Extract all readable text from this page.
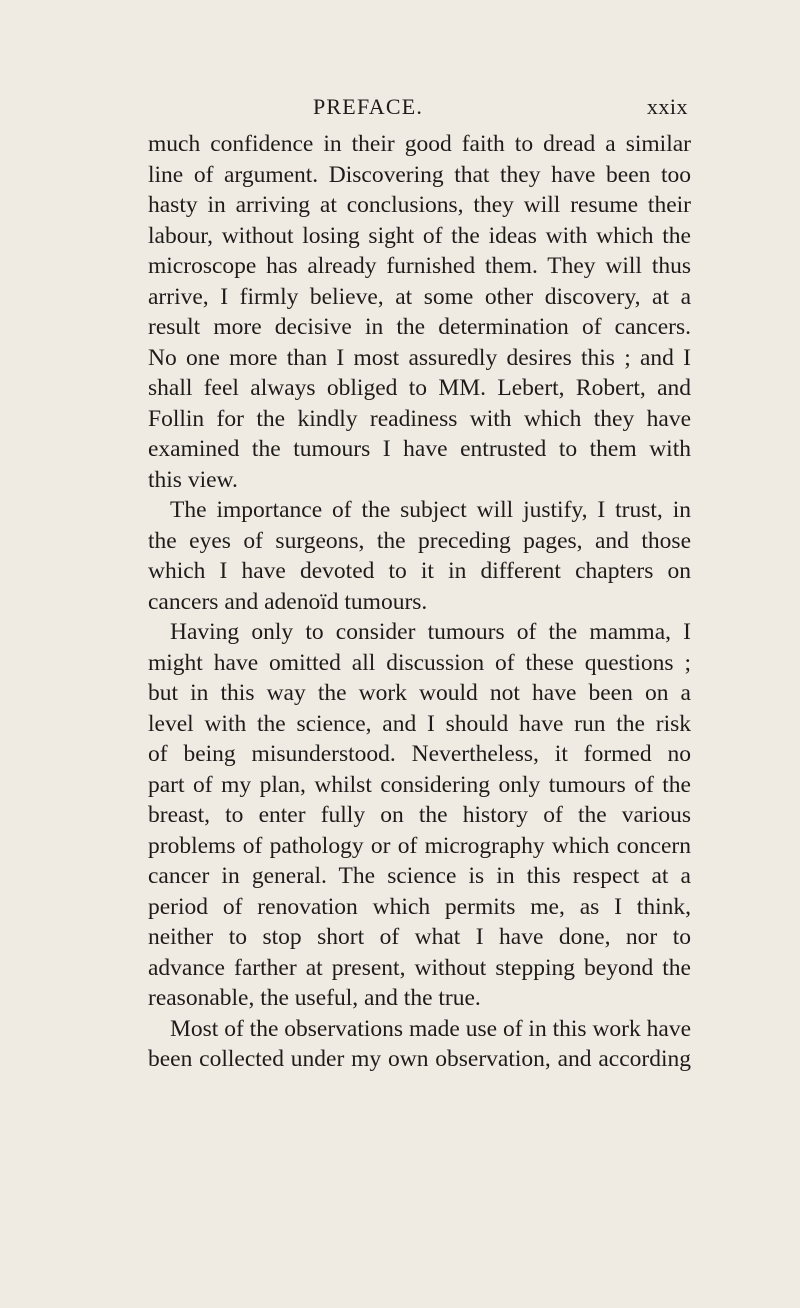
PREFACE.	xxix
much confidence in their good faith to dread a similar
line of argument. Discovering that they have been too
hasty in arriving at conclusions, they will resume their
labour, without losing sight of the ideas with which the
microscope has already furnished them. They will thus
arrive, I firmly believe, at some other discovery, at a
result more decisive in the determination of cancers.
No one more than I most assuredly desires this ; and I
shall feel always obliged to MM. Lebert, Robert, and
Follin for the kindly readiness with which they have
examined the tumours I have entrusted to them with
this view.
The importance of the subject will justify, I trust, in
the eyes of surgeons, the preceding pages, and those
which I have devoted to it in different chapters on
cancers and adenoïd tumours.
Having only to consider tumours of the mamma, I
might have omitted all discussion of these questions ;
but in this way the work would not have been on a
level with the science, and I should have run the risk
of being misunderstood. Nevertheless, it formed no
part of my plan, whilst considering only tumours of the
breast, to enter fully on the history of the various
problems of pathology or of micrography which concern
cancer in general. The science is in this respect at a
period of renovation which permits me, as I think,
neither to stop short of what I have done, nor to
advance farther at present, without stepping beyond the
reasonable, the useful, and the true.
Most of the observations made use of in this work have
been collected under my own observation, and according
